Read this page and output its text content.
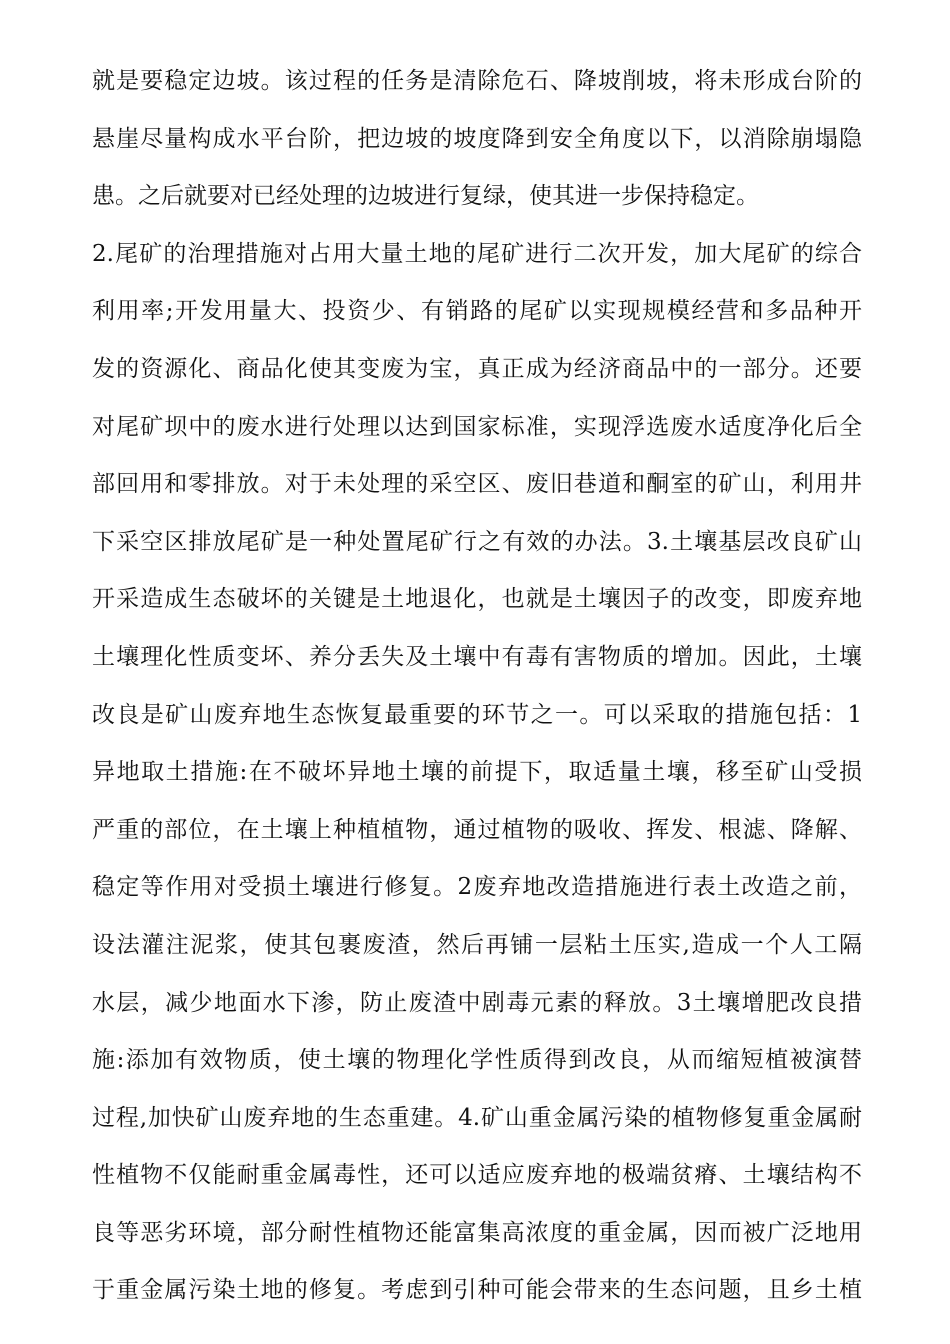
就是要稳定边坡。该过程的任务是清除危石、降坡削坡，将未形成台阶的
悬崖尽量构成水平台阶，把边坡的坡度降到安全角度以下，以消除崩塌隐
患。之后就要对已经处理的边坡进行复绿，使其进一步保持稳定。
2.尾矿的治理措施对占用大量土地的尾矿进行二次开发，加大尾矿的综合
利用率;开发用量大、投资少、有销路的尾矿以实现规模经营和多品种开
发的资源化、商品化使其变废为宝，真正成为经济商品中的一部分。还要
对尾矿坝中的废水进行处理以达到国家标准，实现浮选废水适度净化后全
部回用和零排放。对于未处理的采空区、废旧巷道和酮室的矿山，利用井
下采空区排放尾矿是一种处置尾矿行之有效的办法。3.土壤基层改良矿山
开采造成生态破坏的关键是土地退化，也就是土壤因子的改变，即废弃地
土壤理化性质变坏、养分丢失及土壤中有毒有害物质的增加。因此，土壤
改良是矿山废弃地生态恢复最重要的环节之一。可以采取的措施包括：1
异地取土措施:在不破坏异地土壤的前提下，取适量土壤，移至矿山受损
严重的部位，在土壤上种植植物，通过植物的吸收、挥发、根滤、降解、
稳定等作用对受损土壤进行修复。2废弃地改造措施进行表土改造之前，
设法灌注泥浆，使其包裹废渣，然后再铺一层粘土压实,造成一个人工隔
水层，减少地面水下渗，防止废渣中剧毒元素的释放。3土壤增肥改良措
施:添加有效物质，使土壤的物理化学性质得到改良，从而缩短植被演替
过程,加快矿山废弃地的生态重建。4.矿山重金属污染的植物修复重金属耐
性植物不仅能耐重金属毒性，还可以适应废弃地的极端贫瘠、土壤结构不
良等恶劣环境，部分耐性植物还能富集高浓度的重金属，因而被广泛地用
于重金属污染土地的修复。考虑到引种可能会带来的生态问题，且乡土植
